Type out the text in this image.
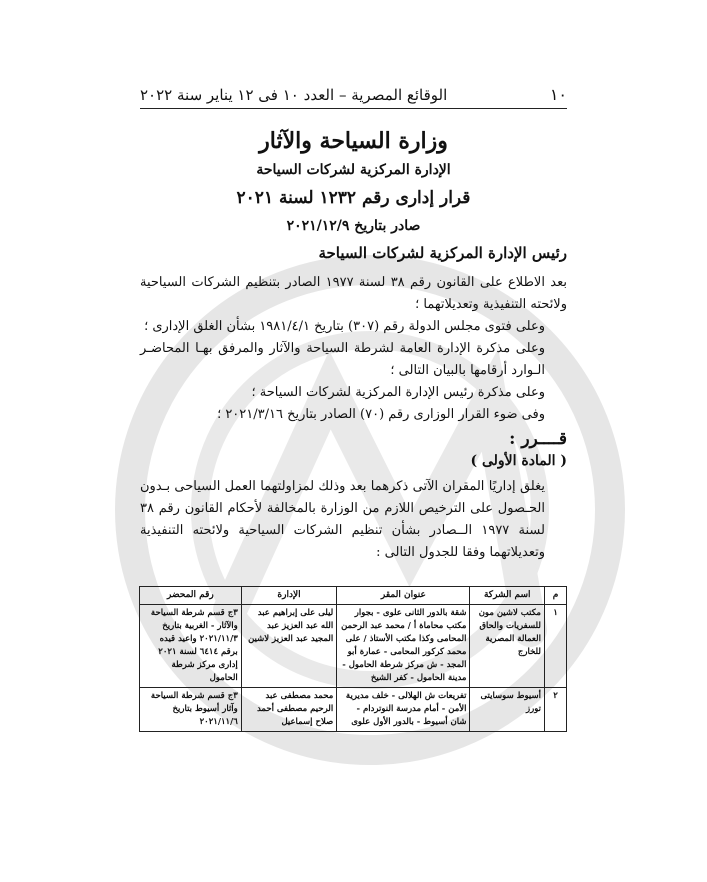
١٠
الوقائع المصرية – العدد ١٠ فى ١٢ يناير سنة ٢٠٢٢
وزارة السياحة والآثار
الإدارة المركزية لشركات السياحة
قرار إدارى رقم ١٢٣٢ لسنة ٢٠٢١
صادر بتاريخ ٢٠٢١/١٢/٩
رئيس الإدارة المركزية لشركات السياحة

بعد الاطلاع على القانون رقم ٣٨ لسنة ١٩٧٧ الصادر بتنظيم الشركات السياحية ولائحته التنفيذية وتعديلاتهما ؛

وعلى فتوى مجلس الدولة رقم (٣٠٧) بتاريخ ١٩٨١/٤/١ بشأن الغلق الإدارى ؛

وعلى مذكرة الإدارة العامة لشرطة السياحة والآثار والمرفق بهـا المحاضـر الـوارد أرقامها بالبيان التالى ؛

وعلى مذكرة رئيس الإدارة المركزية لشركات السياحة ؛

وفى ضوء القرار الوزارى رقم (٧٠) الصادر بتاريخ ٢٠٢١/٣/١٦ ؛

قــــرر :

( المادة الأولى )

يغلق إداريًا المقران الآتى ذكرهما بعد وذلك لمزاولتهما العمل السياحى بـدون الحـصول على الترخيص اللازم من الوزارة بالمخالفة لأحكام القانون رقم ٣٨ لسنة ١٩٧٧ الــصادر بشأن تنظيم الشركات السياحية ولائحته التنفيذية وتعديلاتهما وفقا للجدول التالى :

م	اسم الشركة	عنوان المقر	الإدارة	رقم المحضر
١	مكتب لاشين مون للسفريات والحاق العمالة المصرية للخارج	شقة بالدور الثانى علوى - بجوار مكتب محاماة أ / محمد عبد الرحمن المحامى وكذا مكتب الأستاذ / على محمد كركور المحامى - عمارة أبو المجد - ش مركز شرطة الحامول - مدينة الحامول - كفر الشيخ	ليلى على إبراهيم عبد الله عبد العزيز عبد المجيد عبد العزيز لاشين	٣ج قسم شرطة السياحة والآثار - الغربية بتاريخ ٢٠٢١/١١/٣ واعيد قيده برقم ٦٤١٤ لسنة ٢٠٢١ إدارى مركز شرطة الحامول
٢	أسيوط سوسايتى تورز	تفريعات ش الهلالى - خلف مديرية الأمن - أمام مدرسة النوتردام - شان أسيوط - بالدور الأول علوى	محمد مصطفى عبد الرحيم مصطفى أحمد صلاح إسماعيل	٣ج قسم شرطة السياحة وآثار أسيوط بتاريخ ٢٠٢١/١١/٦
